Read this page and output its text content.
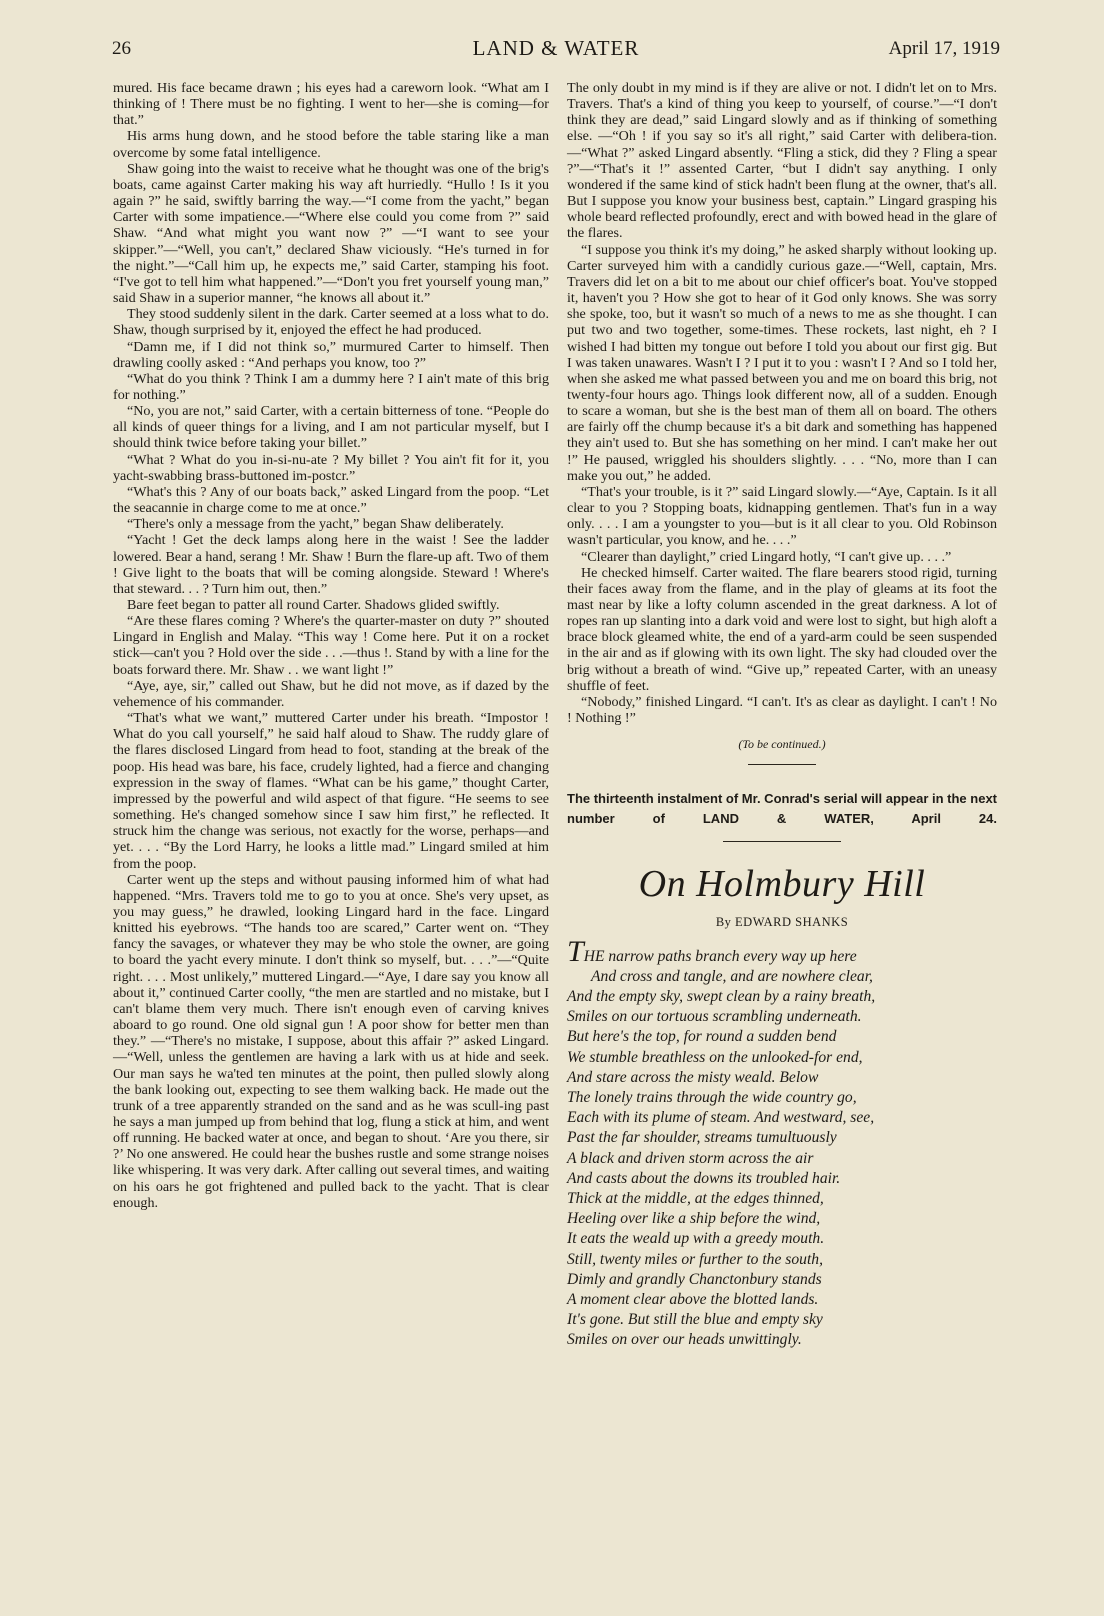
26	LAND & WATER	April 17, 1919

mured. His face became drawn ; his eyes had a careworn look. “What am I thinking of ! There must be no fighting. I went to her—she is coming—for that.”

His arms hung down, and he stood before the table staring like a man overcome by some fatal intelligence.

Shaw going into the waist to receive what he thought was one of the brig's boats, came against Carter making his way aft hurriedly. “Hullo ! Is it you again ?” he said, swiftly barring the way.—“I come from the yacht,” began Carter with some impatience.—“Where else could you come from ?” said Shaw. “And what might you want now ?” —“I want to see your skipper.”—“Well, you can't,” declared Shaw viciously. “He's turned in for the night.”—“Call him up, he expects me,” said Carter, stamping his foot. “I've got to tell him what happened.”—“Don't you fret yourself young man,” said Shaw in a superior manner, “he knows all about it.”

They stood suddenly silent in the dark. Carter seemed at a loss what to do. Shaw, though surprised by it, enjoyed the effect he had produced.

“Damn me, if I did not think so,” murmured Carter to himself. Then drawling coolly asked : “And perhaps you know, too ?”

“What do you think ? Think I am a dummy here ? I ain't mate of this brig for nothing.”

“No, you are not,” said Carter, with a certain bitterness of tone. “People do all kinds of queer things for a living, and I am not particular myself, but I should think twice before taking your billet.”

“What ? What do you in-si-nu-ate ? My billet ? You ain't fit for it, you yacht-swabbing brass-buttoned im-postcr.”

“What's this ? Any of our boats back,” asked Lingard from the poop. “Let the seacannie in charge come to me at once.”

“There's only a message from the yacht,” began Shaw deliberately.

“Yacht ! Get the deck lamps along here in the waist ! See the ladder lowered. Bear a hand, serang ! Mr. Shaw ! Burn the flare-up aft. Two of them ! Give light to the boats that will be coming alongside. Steward ! Where's that steward. . . ? Turn him out, then.”

Bare feet began to patter all round Carter. Shadows glided swiftly.

“Are these flares coming ? Where's the quarter-master on duty ?” shouted Lingard in English and Malay. “This way ! Come here. Put it on a rocket stick—can't you ? Hold over the side . . .—thus !. Stand by with a line for the boats forward there. Mr. Shaw . . we want light !”

“Aye, aye, sir,” called out Shaw, but he did not move, as if dazed by the vehemence of his commander.

“That's what we want,” muttered Carter under his breath. “Impostor ! What do you call yourself,” he said half aloud to Shaw. The ruddy glare of the flares disclosed Lingard from head to foot, standing at the break of the poop. His head was bare, his face, crudely lighted, had a fierce and changing expression in the sway of flames. “What can be his game,” thought Carter, impressed by the powerful and wild aspect of that figure. “He seems to see something. He's changed somehow since I saw him first,” he reflected. It struck him the change was serious, not exactly for the worse, perhaps—and yet. . . . “By the Lord Harry, he looks a little mad.” Lingard smiled at him from the poop.

Carter went up the steps and without pausing informed him of what had happened. “Mrs. Travers told me to go to you at once. She's very upset, as you may guess,” he drawled, looking Lingard hard in the face. Lingard knitted his eyebrows. “The hands too are scared,” Carter went on. “They fancy the savages, or whatever they may be who stole the owner, are going to board the yacht every minute. I don't think so myself, but. . . .”—“Quite right. . . . Most unlikely,” muttered Lingard.—“Aye, I dare say you know all about it,” continued Carter coolly, “the men are startled and no mistake, but I can't blame them very much. There isn't enough even of carving knives aboard to go round. One old signal gun ! A poor show for better men than they.” —“There's no mistake, I suppose, about this affair ?” asked Lingard.—“Well, unless the gentlemen are having a lark with us at hide and seek. Our man says he wa'ted ten minutes at the point, then pulled slowly along the bank looking out, expecting to see them walking back. He made out the trunk of a tree apparently stranded on the sand and as he was scull-ing past he says a man jumped up from behind that log, flung a stick at him, and went off running. He backed water at once, and began to shout. ‘Are you there, sir ?’ No one answered. He could hear the bushes rustle and some strange noises like whispering. It was very dark. After calling out several times, and waiting on his oars he got frightened and pulled back to the yacht. That is clear enough.

The only doubt in my mind is if they are alive or not. I didn't let on to Mrs. Travers. That's a kind of thing you keep to yourself, of course.”—“I don't think they are dead,” said Lingard slowly and as if thinking of something else. —“Oh ! if you say so it's all right,” said Carter with delibera-tion.—“What ?” asked Lingard absently. “Fling a stick, did they ? Fling a spear ?”—“That's it !” assented Carter, “but I didn't say anything. I only wondered if the same kind of stick hadn't been flung at the owner, that's all. But I suppose you know your business best, captain.” Lingard grasping his whole beard reflected profoundly, erect and with bowed head in the glare of the flares.

“I suppose you think it's my doing,” he asked sharply without looking up. Carter surveyed him with a candidly curious gaze.—“Well, captain, Mrs. Travers did let on a bit to me about our chief officer's boat. You've stopped it, haven't you ? How she got to hear of it God only knows. She was sorry she spoke, too, but it wasn't so much of a news to me as she thought. I can put two and two together, some-times. These rockets, last night, eh ? I wished I had bitten my tongue out before I told you about our first gig. But I was taken unawares. Wasn't I ? I put it to you : wasn't I ? And so I told her, when she asked me what passed between you and me on board this brig, not twenty-four hours ago. Things look different now, all of a sudden. Enough to scare a woman, but she is the best man of them all on board. The others are fairly off the chump because it's a bit dark and something has happened they ain't used to. But she has something on her mind. I can't make her out !” He paused, wriggled his shoulders slightly. . . . “No, more than I can make you out,” he added.

“That's your trouble, is it ?” said Lingard slowly.—“Aye, Captain. Is it all clear to you ? Stopping boats, kidnapping gentlemen. That's fun in a way only. . . . I am a youngster to you—but is it all clear to you. Old Robinson wasn't particular, you know, and he. . . .”

“Clearer than daylight,” cried Lingard hotly, “I can't give up. . . .”

He checked himself. Carter waited. The flare bearers stood rigid, turning their faces away from the flame, and in the play of gleams at its foot the mast near by like a lofty column ascended in the great darkness. A lot of ropes ran up slanting into a dark void and were lost to sight, but high aloft a brace block gleamed white, the end of a yard-arm could be seen suspended in the air and as if glowing with its own light. The sky had clouded over the brig without a breath of wind. “Give up,” repeated Carter, with an uneasy shuffle of feet.

“Nobody,” finished Lingard. “I can't. It's as clear as daylight. I can't ! No ! Nothing !”

(To be continued.)
The thirteenth instalment of Mr. Conrad's serial will appear in the next number of LAND & WATER, April 24.
On Holmbury Hill
By EDWARD SHANKS
THE narrow paths branch every way up here
And cross and tangle, and are nowhere clear,
And the empty sky, swept clean by a rainy breath,
Smiles on our tortuous scrambling underneath.
But here's the top, for round a sudden bend
We stumble breathless on the unlooked-for end,
And stare across the misty weald. Below
The lonely trains through the wide country go,
Each with its plume of steam. And westward, see,
Past the far shoulder, streams tumultuously
A black and driven storm across the air
And casts about the downs its troubled hair.
Thick at the middle, at the edges thinned,
Heeling over like a ship before the wind,
It eats the weald up with a greedy mouth.
Still, twenty miles or further to the south,
Dimly and grandly Chanctonbury stands
A moment clear above the blotted lands.
It's gone. But still the blue and empty sky
Smiles on over our heads unwittingly.
